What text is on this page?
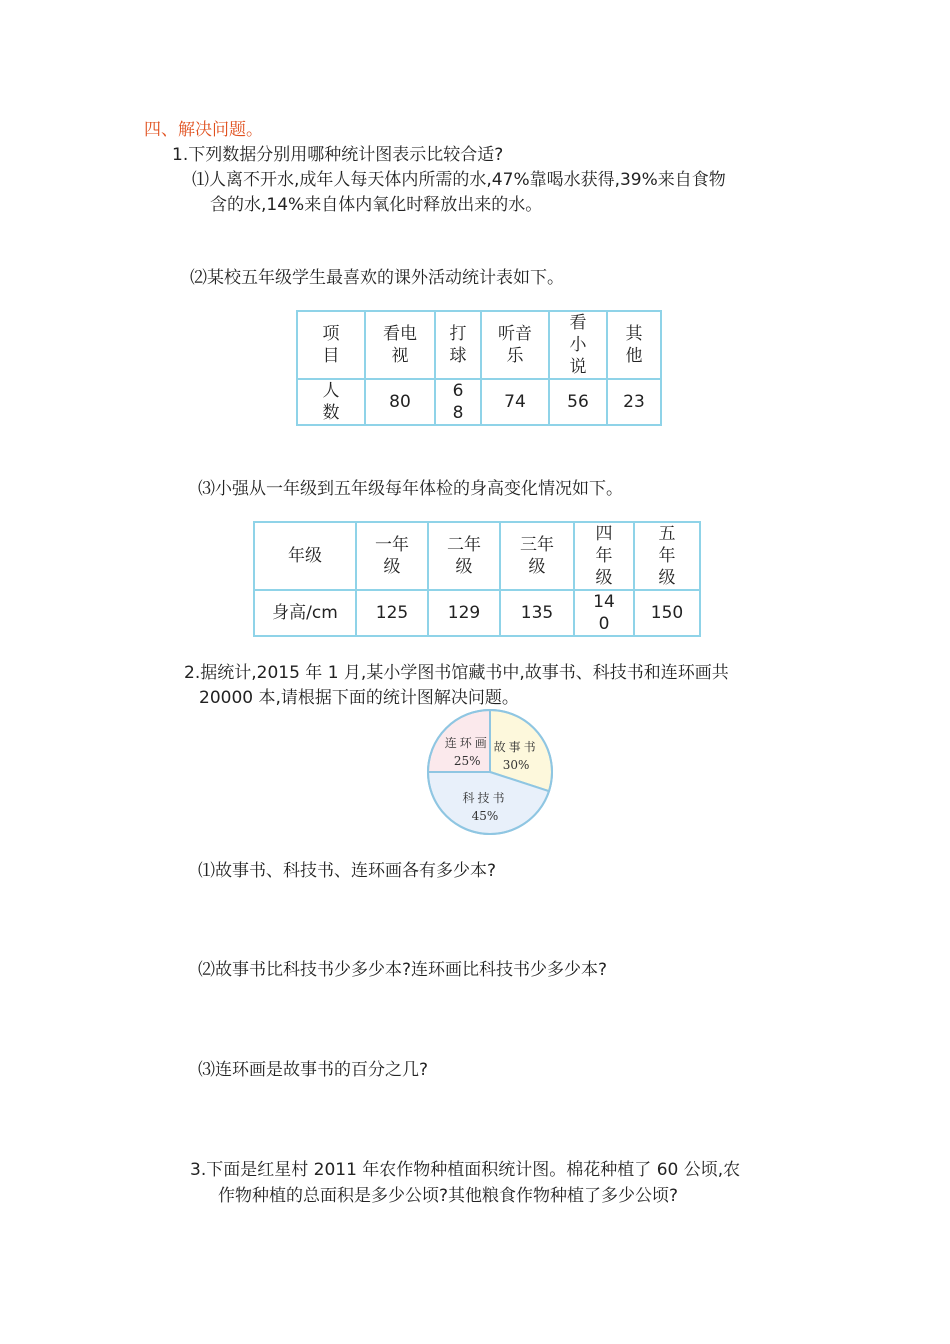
四、解决问题。
1.下列数据分别用哪种统计图表示比较合适?
⑴人离不开水,成年人每天体内所需的水,47%靠喝水获得,39%来自食物
含的水,14%来自体内氧化时释放出来的水。
⑵某校五年级学生最喜欢的课外活动统计表如下。
项目	看电视	打球	听音乐	看小说	其他

人数	80	68	74	56	23
⑶小强从一年级到五年级每年体检的身高变化情况如下。
年级	一年级	二年级	三年级	四年级	五年级

身高/cm	125	129	135	140	150
2.据统计,2015 年 1 月,某小学图书馆藏书中,故事书、科技书和连环画共
20000 本,请根据下面的统计图解决问题。
故事书
30%
科技书
45%
连环画
25%
⑴故事书、科技书、连环画各有多少本?
⑵故事书比科技书少多少本?连环画比科技书少多少本?
⑶连环画是故事书的百分之几?
3.下面是红星村 2011 年农作物种植面积统计图。棉花种植了 60 公顷,农
作物种植的总面积是多少公顷?其他粮食作物种植了多少公顷?
